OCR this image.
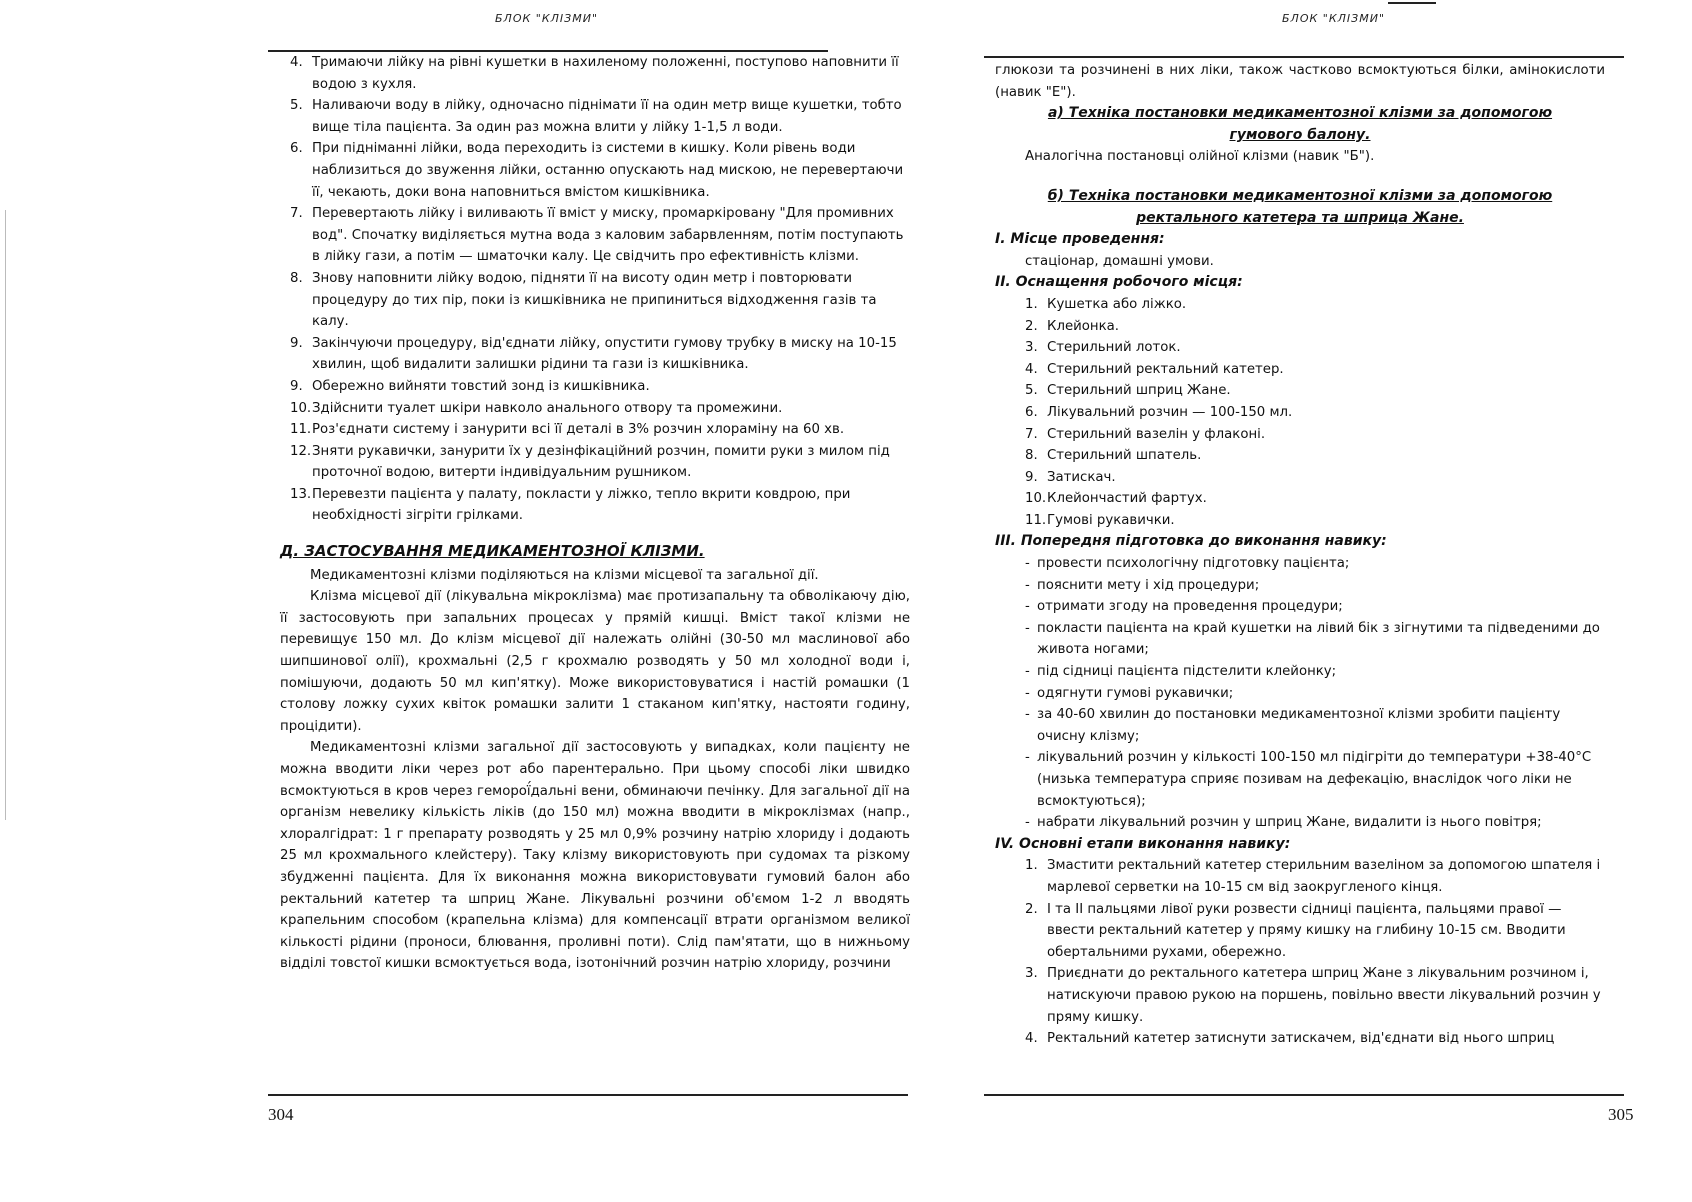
БЛОК "КЛІЗМИ"
4. Тримаючи лійку на рівні кушетки в нахиленому положенні, поступово наповнити її водою з кухля.
5. Наливаючи воду в лійку, одночасно піднімати її на один метр вище кушетки, тобто вище тіла пацієнта. За один раз можна влити у лійку 1-1,5 л води.
6. При підніманні лійки, вода переходить із системи в кишку. Коли рівень води наблизиться до звуження лійки, останню опускають над мискою, не перевертаючи її, чекають, доки вона наповниться вмістом кишківника.
7. Перевертають лійку і виливають її вміст у миску, промаркіровану "Для промивних вод". Спочатку виділяється мутна вода з каловим забарвленням, потім поступають в лійку гази, а потім — шматочки калу. Це свідчить про ефективність клізми.
8. Знову наповнити лійку водою, підняти її на висоту один метр і повторювати процедуру до тих пір, поки із кишківника не припиниться відходження газів та калу.
9. Закінчуючи процедуру, від'єднати лійку, опустити гумову трубку в миску на 10-15 хвилин, щоб видалити залишки рідини та гази із кишківника.
9. Обережно вийняти товстий зонд із кишківника.
10. Здійснити туалет шкіри навколо анального отвору та промежини.
11. Роз'єднати систему і занурити всі її деталі в 3% розчин хлораміну на 60 хв.
12. Зняти рукавички, занурити їх у дезінфікаційний розчин, помити руки з милом під проточної водою, витерти індивідуальним рушником.
13. Перевезти пацієнта у палату, покласти у ліжко, тепло вкрити ковдрою, при необхідності зігріти грілками.
Д. ЗАСТОСУВАННЯ МЕДИКАМЕНТОЗНОЇ КЛІЗМИ.

Медикаментозні клізми поділяються на клізми місцевої та загальної дії.

Клізма місцевої дії (лікувальна мікроклізма) має протизапальну та обволікаючу дію, її застосовують при запальних процесах у прямій кишці. Вміст такої клізми не перевищує 150 мл. До клізм місцевої дії належать олійні (30-50 мл маслинової або шипшинової олії), крохмальні (2,5 г крохмалю розводять у 50 мл холодної води і, помішуючи, додають 50 мл кип'ятку). Може використовуватися і настій ромашки (1 столову ложку сухих квіток ромашки залити 1 стаканом кип'ятку, настояти годину, процідити).

Медикаментозні клізми загальної дії застосовують у випадках, коли пацієнту не можна вводити ліки через рот або парентерально. При цьому способі ліки швидко всмоктуються в кров через геморої́дальні вени, обминаючи печінку. Для загальної дії на організм невелику кількість ліків (до 150 мл) можна вводити в мікроклізмах (напр., хлоралгідрат: 1 г препарату розводять у 25 мл 0,9% розчину натрію хлориду і додають 25 мл крохмального клейстеру). Таку клізму використовують при судомах та різкому збудженні пацієнта. Для їх виконання можна використовувати гумовий балон або ректальний катетер та шприц Жане. Лікувальні розчини об'ємом 1-2 л вводять крапельним способом (крапельна клізма) для компенсації втрати організмом великої кількості рідини (проноси, блювання, проливні поти). Слід пам'ятати, що в нижньому відділі товстої кишки всмоктується вода, ізотонічний розчин натрію хлориду, розчини

304
БЛОК "КЛІЗМИ"

глюкози та розчинені в них ліки, також частково всмоктуються білки, амінокислоти (навик "Е").

а) Техніка постановки медикаментозної клізми за допомогою
гумового балону.

Аналогічна постановці олійної клізми (навик "Б").

б) Техніка постановки медикаментозної клізми за допомогою
ректального катетера та шприца Жане.

І. Місце проведення:

стаціонар, домашні умови.

ІІ. Оснащення робочого місця:

1. Кушетка або ліжко.
2. Клейонка.
3. Стерильний лоток.
4. Стерильний ректальний катетер.
5. Стерильний шприц Жане.
6. Лікувальний розчин — 100-150 мл.
7. Стерильний вазелін у флаконі.
8. Стерильний шпатель.
9. Затискач.
10. Клейончастий фартух.
11. Гумові рукавички.

ІІІ. Попередня підготовка до виконання навику:

- провести психологічну підготовку пацієнта;
- пояснити мету і хід процедури;
- отримати згоду на проведення процедури;
- покласти пацієнта на край кушетки на лівий бік з зігнутими та підведеними до живота ногами;
- під сідниці пацієнта підстелити клейонку;
- одягнути гумові рукавички;
- за 40-60 хвилин до постановки медикаментозної клізми зробити пацієнту очисну клізму;
- лікувальний розчин у кількості 100-150 мл підігріти до температури +38-40°С (низька температура сприяє позивам на дефекацію, внаслідок чого ліки не всмоктуються);
- набрати лікувальний розчин у шприц Жане, видалити із нього повітря;

IV. Основні етапи виконання навику:

1. Змастити ректальний катетер стерильним вазеліном за допомогою шпателя і марлевої серветки на 10-15 см від заокругленого кінця.
2. І та ІІ пальцями лівої руки розвести сідниці пацієнта, пальцями правої — ввести ректальний катетер у пряму кишку на глибину 10-15 см. Вводити обертальними рухами, обережно.
3. Приєднати до ректального катетера шприц Жане з лікувальним розчином і, натискуючи правою рукою на поршень, повільно ввести лікувальний розчин у пряму кишку.
4. Ректальний катетер затиснути затискачем, від'єднати від нього шприц
305
